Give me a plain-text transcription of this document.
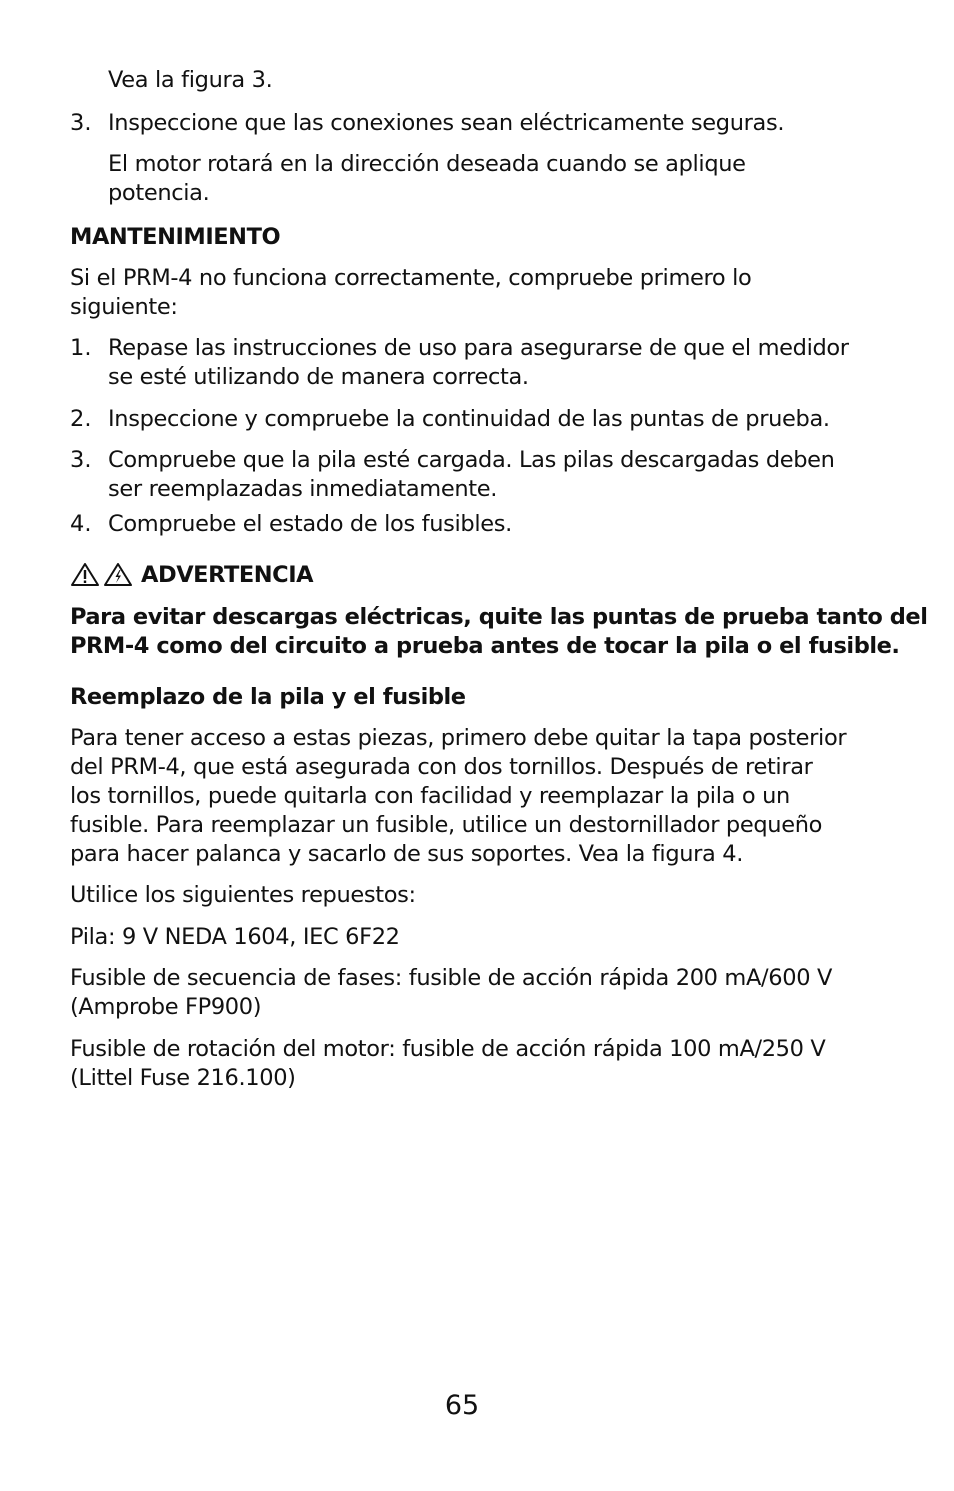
Vea la figura 3.
3. Inspeccione que las conexiones sean eléctricamente seguras.
El motor rotará en la dirección deseada cuando se aplique
potencia.
MANTENIMIENTO
Si el PRM-4 no funciona correctamente, compruebe primero lo
siguiente:
1. Repase las instrucciones de uso para asegurarse de que el medidor
se esté utilizando de manera correcta.
2. Inspeccione y compruebe la continuidad de las puntas de prueba.
3. Compruebe que la pila esté cargada. Las pilas descargadas deben
ser reemplazadas inmediatamente.
4. Compruebe el estado de los fusibles.
ADVERTENCIA
Para evitar descargas eléctricas, quite las puntas de prueba tanto del
PRM-4 como del circuito a prueba antes de tocar la pila o el fusible.
Reemplazo de la pila y el fusible
Para tener acceso a estas piezas, primero debe quitar la tapa posterior
del PRM-4, que está asegurada con dos tornillos. Después de retirar
los tornillos, puede quitarla con facilidad y reemplazar la pila o un
fusible. Para reemplazar un fusible, utilice un destornillador pequeño
para hacer palanca y sacarlo de sus soportes. Vea la figura 4.
Utilice los siguientes repuestos:
Pila: 9 V NEDA 1604, IEC 6F22
Fusible de secuencia de fases: fusible de acción rápida 200 mA/600 V
(Amprobe FP900)
Fusible de rotación del motor: fusible de acción rápida 100 mA/250 V
(Littel Fuse 216.100)
65
